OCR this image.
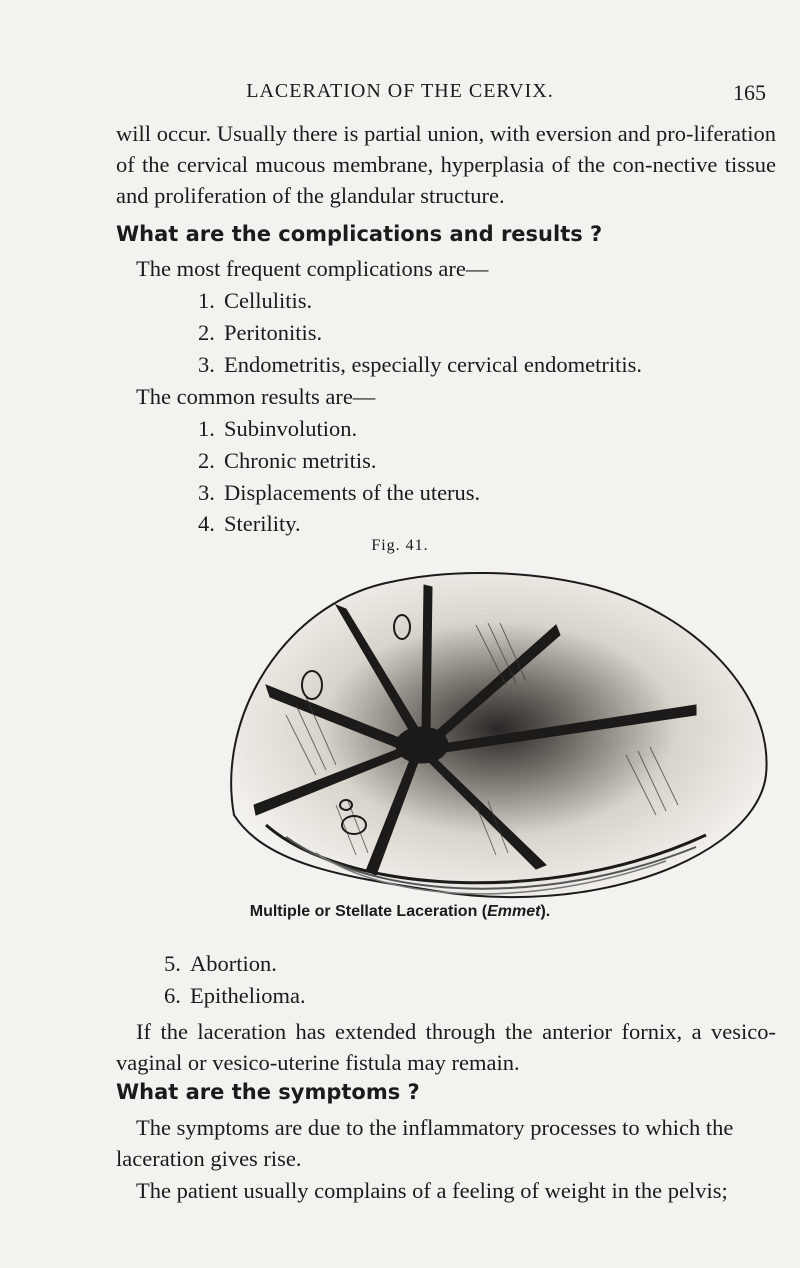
LACERATION OF THE CERVIX.	165
will occur. Usually there is partial union, with eversion and pro-liferation of the cervical mucous membrane, hyperplasia of the con-nective tissue and proliferation of the glandular structure.
What are the complications and results ?
The most frequent complications are—
1. Cellulitis.
2. Peritonitis.
3. Endometritis, especially cervical endometritis.
The common results are—
1. Subinvolution.
2. Chronic metritis.
3. Displacements of the uterus.
4. Sterility.
Fig. 41.
Multiple or Stellate Laceration (Emmet).
5. Abortion.
6. Epithelioma.
If the laceration has extended through the anterior fornix, a vesico-vaginal or vesico-uterine fistula may remain.
What are the symptoms ?
The symptoms are due to the inflammatory processes to which the laceration gives rise.
The patient usually complains of a feeling of weight in the pelvis;
